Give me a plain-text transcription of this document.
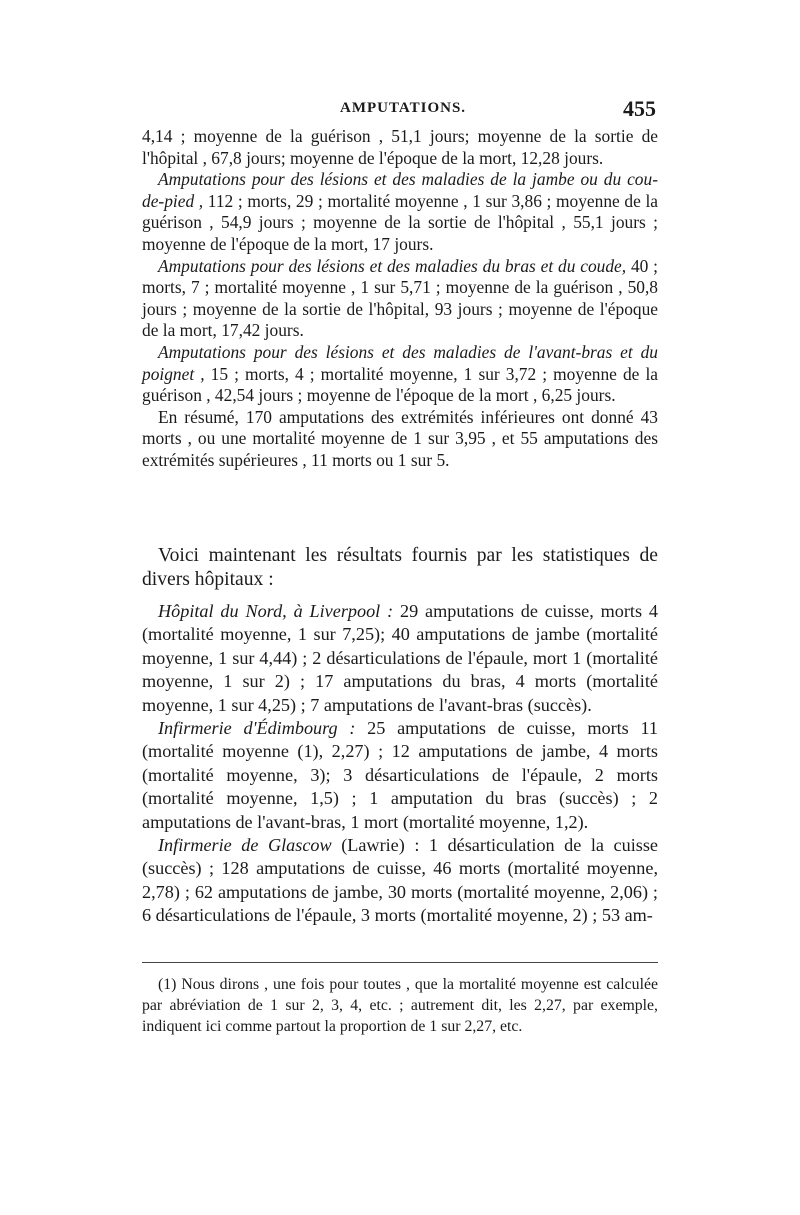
AMPUTATIONS.	455

4,14 ; moyenne de la guérison , 51,1 jours; moyenne de la sortie de l'hôpital , 67,8 jours; moyenne de l'époque de la mort, 12,28 jours.

Amputations pour des lésions et des maladies de la jambe ou du cou-de-pied , 112 ; morts, 29 ; mortalité moyenne , 1 sur 3,86 ; moyenne de la guérison , 54,9 jours ; moyenne de la sortie de l'hôpital , 55,1 jours ; moyenne de l'époque de la mort, 17 jours.

Amputations pour des lésions et des maladies du bras et du coude, 40 ; morts, 7 ; mortalité moyenne , 1 sur 5,71 ; moyenne de la guérison , 50,8 jours ; moyenne de la sortie de l'hôpital, 93 jours ; moyenne de l'époque de la mort, 17,42 jours.

Amputations pour des lésions et des maladies de l'avant-bras et du poignet , 15 ; morts, 4 ; mortalité moyenne, 1 sur 3,72 ; moyenne de la guérison , 42,54 jours ; moyenne de l'époque de la mort , 6,25 jours.

En résumé, 170 amputations des extrémités inférieures ont donné 43 morts , ou une mortalité moyenne de 1 sur 3,95 , et 55 amputations des extrémités supérieures , 11 morts ou 1 sur 5.

Voici maintenant les résultats fournis par les statistiques de divers hôpitaux :

Hôpital du Nord, à Liverpool : 29 amputations de cuisse, morts 4 (mortalité moyenne, 1 sur 7,25); 40 amputations de jambe (mortalité moyenne, 1 sur 4,44) ; 2 désarticulations de l'épaule, mort 1 (mortalité moyenne, 1 sur 2) ; 17 amputations du bras, 4 morts (mortalité moyenne, 1 sur 4,25) ; 7 amputations de l'avant-bras (succès).

Infirmerie d'Édimbourg : 25 amputations de cuisse, morts 11 (mortalité moyenne (1), 2,27) ; 12 amputations de jambe, 4 morts (mortalité moyenne, 3); 3 désarticulations de l'épaule, 2 morts (mortalité moyenne, 1,5) ; 1 amputation du bras (succès) ; 2 amputations de l'avant-bras, 1 mort (mortalité moyenne, 1,2).

Infirmerie de Glascow (Lawrie) : 1 désarticulation de la cuisse (succès) ; 128 amputations de cuisse, 46 morts (mortalité moyenne, 2,78) ; 62 amputations de jambe, 30 morts (mortalité moyenne, 2,06) ; 6 désarticulations de l'épaule, 3 morts (mortalité moyenne, 2) ; 53 am-

(1) Nous dirons , une fois pour toutes , que la mortalité moyenne est calculée par abréviation de 1 sur 2, 3, 4, etc. ; autrement dit, les 2,27, par exemple, indiquent ici comme partout la proportion de 1 sur 2,27, etc.
